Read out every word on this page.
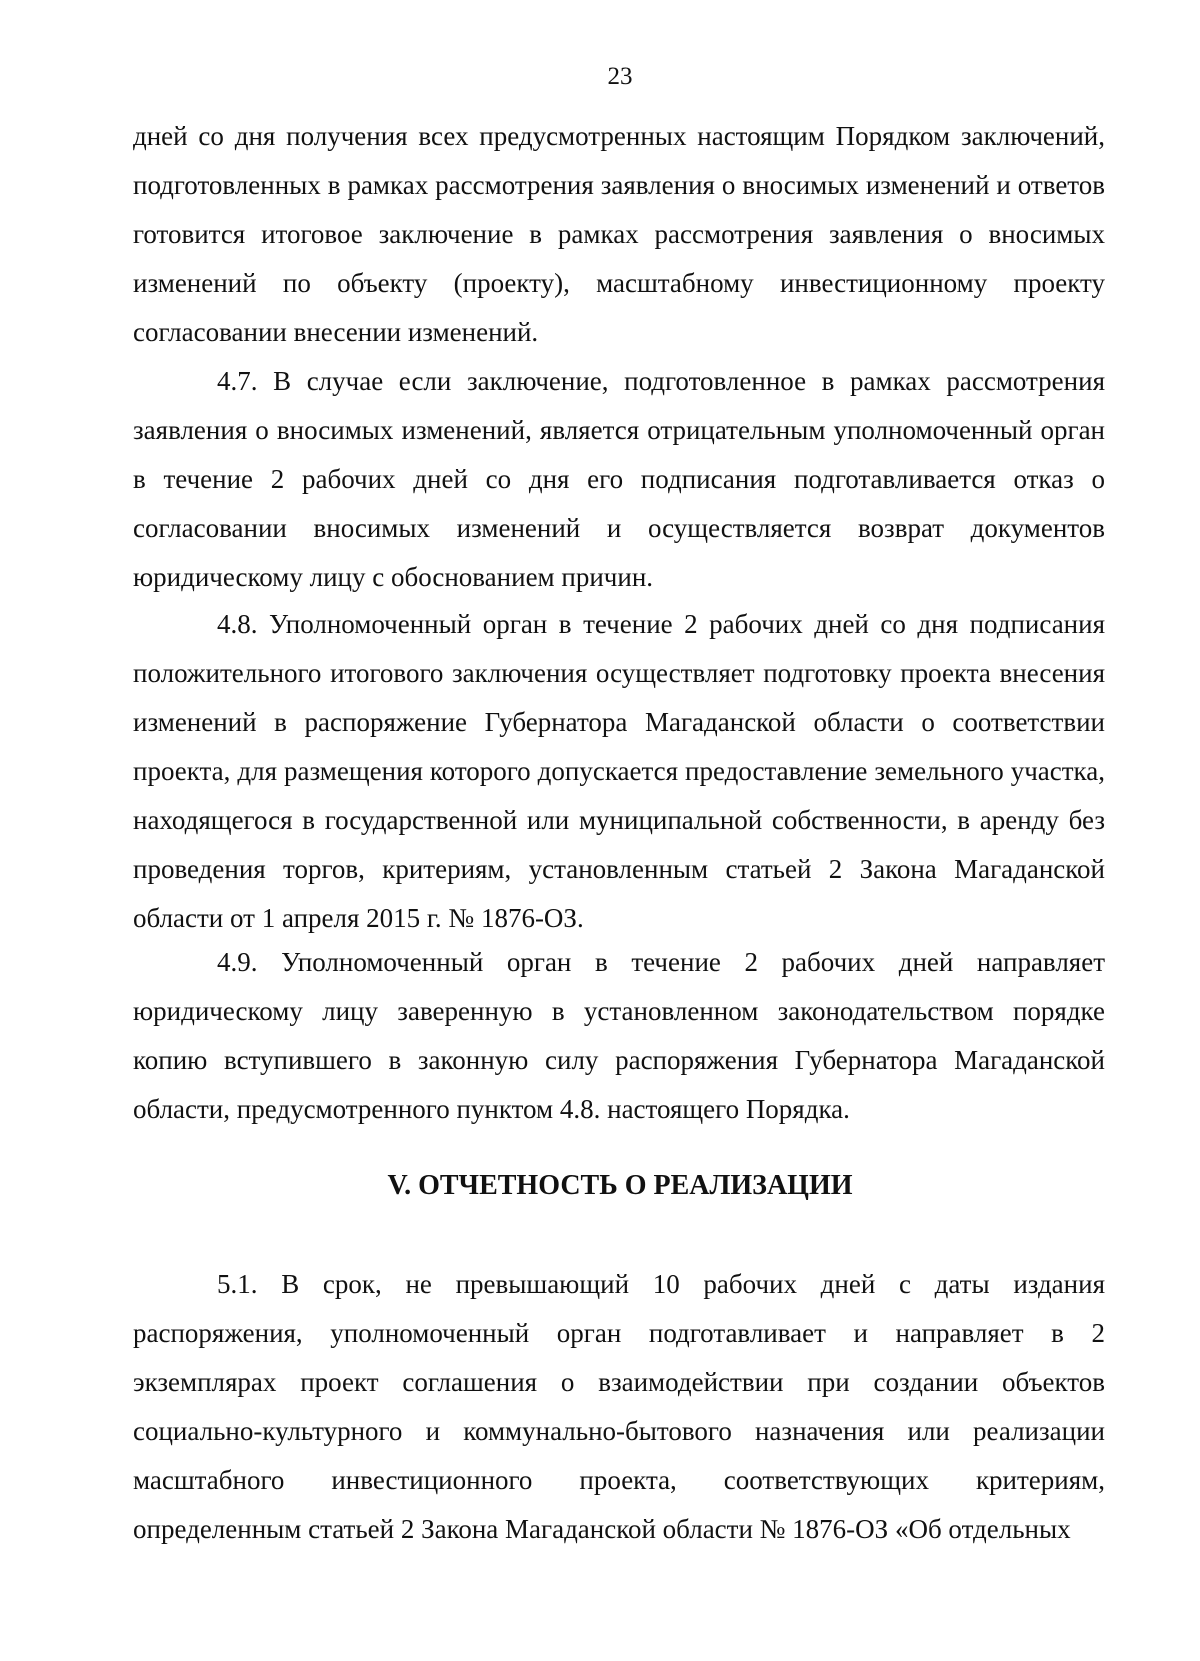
23

дней со дня получения всех предусмотренных настоящим Порядком заключений, подготовленных в рамках рассмотрения заявления о вносимых изменений и ответов готовится итоговое заключение в рамках рассмотрения заявления о вносимых изменений по объекту (проекту), масштабному инвестиционному проекту согласовании внесении изменений.

4.7. В случае если заключение, подготовленное в рамках рассмотрения заявления о вносимых изменений, является отрицательным уполномоченный орган в течение 2 рабочих дней со дня его подписания подготавливается отказ о согласовании вносимых изменений и осуществляется возврат документов юридическому лицу с обоснованием причин.

4.8. Уполномоченный орган в течение 2 рабочих дней со дня подписания положительного итогового заключения осуществляет подготовку проекта внесения изменений в распоряжение Губернатора Магаданской области о соответствии проекта, для размещения которого допускается предоставление земельного участка, находящегося в государственной или муниципальной собственности, в аренду без проведения торгов, критериям, установленным статьей 2 Закона Магаданской области от 1 апреля 2015 г. № 1876-ОЗ.

4.9. Уполномоченный орган в течение 2 рабочих дней направляет юридическому лицу заверенную в установленном законодательством порядке копию вступившего в законную силу распоряжения Губернатора Магаданской области, предусмотренного пунктом 4.8. настоящего Порядка.

V. ОТЧЕТНОСТЬ О РЕАЛИЗАЦИИ

5.1. В срок, не превышающий 10 рабочих дней с даты издания распоряжения, уполномоченный орган подготавливает и направляет в 2 экземплярах проект соглашения о взаимодействии при создании объектов социально-культурного и коммунально-бытового назначения или реализации масштабного инвестиционного проекта, соответствующих критериям, определенным статьей 2 Закона Магаданской области № 1876-ОЗ «Об отдельных
